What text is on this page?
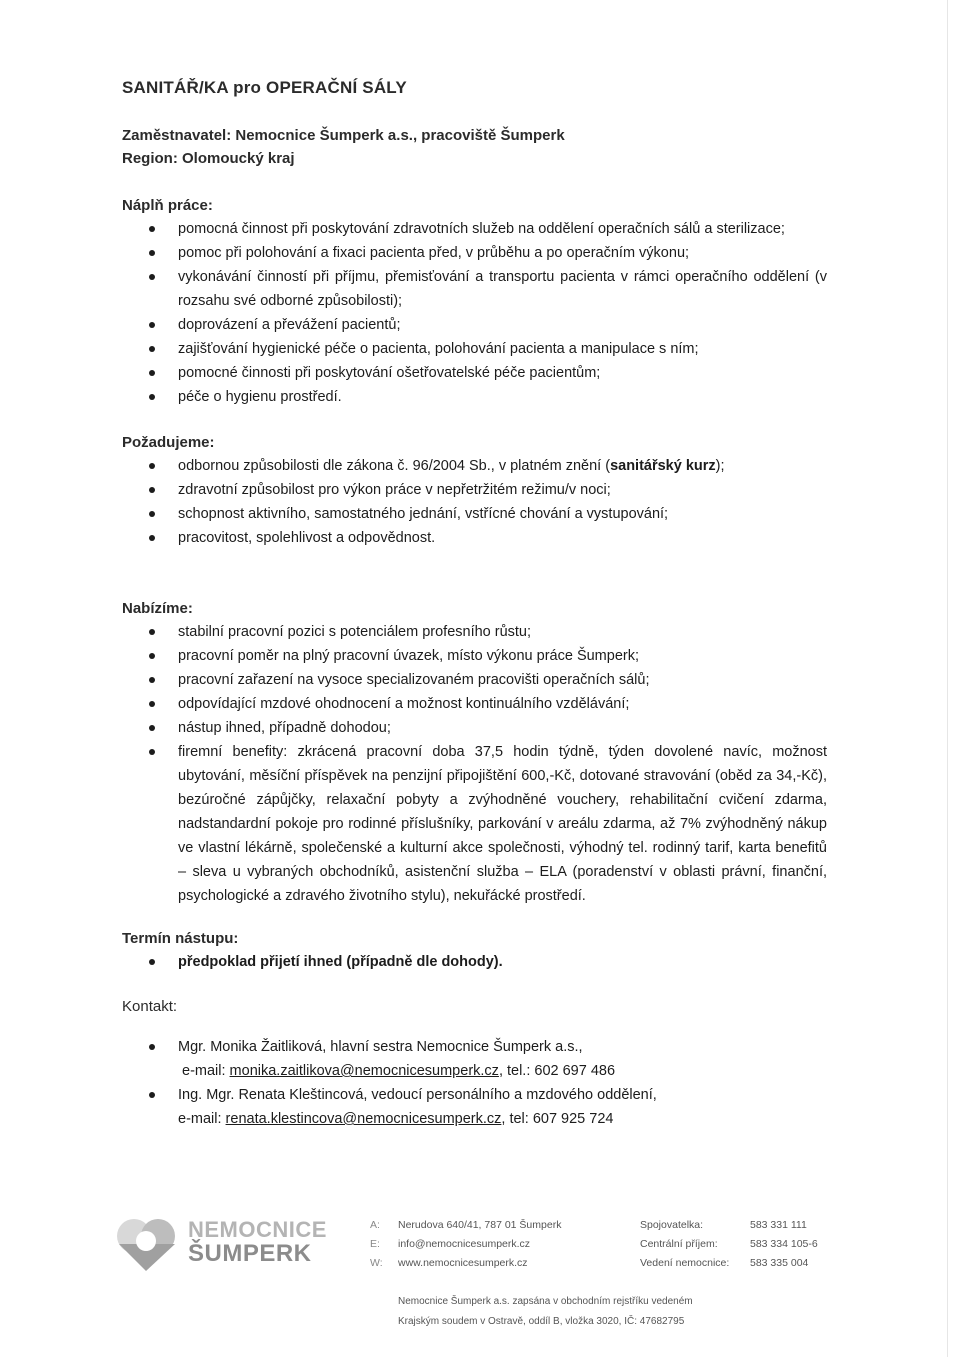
SANITÁŘ/KA pro OPERAČNÍ SÁLY
Zaměstnavatel: Nemocnice Šumperk a.s., pracoviště Šumperk
Region: Olomoucký kraj
Náplň práce:
pomocná činnost při poskytování zdravotních služeb na oddělení operačních sálů a sterilizace;
pomoc při polohování a fixaci pacienta před, v průběhu a po operačním výkonu;
vykonávání činností při příjmu, přemisťování a transportu pacienta v rámci operačního oddělení (v rozsahu své odborné způsobilosti);
doprovázení a převážení pacientů;
zajišťování hygienické péče o pacienta, polohování pacienta a manipulace s ním;
pomocné činnosti při poskytování ošetřovatelské péče pacientům;
péče o hygienu prostředí.
Požadujeme:
odbornou způsobilosti dle zákona č. 96/2004 Sb., v platném znění (sanitářský kurz);
zdravotní způsobilost pro výkon práce v nepřetržitém režimu/v noci;
schopnost aktivního, samostatného jednání, vstřícné chování a vystupování;
pracovitost, spolehlivost a odpovědnost.
Nabízíme:
stabilní pracovní pozici s potenciálem profesního růstu;
pracovní poměr na plný pracovní úvazek, místo výkonu práce Šumperk;
pracovní zařazení na vysoce specializovaném pracovišti operačních sálů;
odpovídající mzdové ohodnocení a možnost kontinuálního vzdělávání;
nástup ihned, případně dohodou;
firemní benefity: zkrácená pracovní doba 37,5 hodin týdně, týden dovolené navíc, možnost ubytování, měsíční příspěvek na penzijní připojištění 600,-Kč, dotované stravování (oběd za 34,-Kč), bezúročné zápůjčky, relaxační pobyty a zvýhodněné vouchery, rehabilitační cvičení zdarma, nadstandardní pokoje pro rodinné příslušníky, parkování v areálu zdarma, až 7% zvýhodněný nákup ve vlastní lékárně, společenské a kulturní akce společnosti, výhodný tel. rodinný tarif, karta benefitů – sleva u vybraných obchodníků, asistenční služba – ELA (poradenství v oblasti právní, finanční, psychologické a zdravého životního stylu), nekuřácké prostředí.
Termín nástupu:
předpoklad přijetí ihned (případně dle dohody).
Kontakt:
Mgr. Monika Žaitliková, hlavní sestra Nemocnice Šumperk a.s.,
e-mail: monika.zaitlikova@nemocnicesumperk.cz, tel.: 602 697 486
Ing. Mgr. Renata Kleštincová, vedoucí personálního a mzdového oddělení,
e-mail: renata.klestincova@nemocnicesumperk.cz, tel: 607 925 724
NEMOCNICE
ŠUMPERK
A: Nerudova 640/41, 787 01 Šumperk
E: info@nemocnicesumperk.cz
W: www.nemocnicesumperk.cz
Spojovatelka:	583 331 111
Centrální příjem:	583 334 105-6
Vedení nemocnice: 583 335 004
Nemocnice Šumperk a.s. zapsána v obchodním rejstříku vedeném
Krajským soudem v Ostravě, oddíl B, vložka 3020, IČ: 47682795
